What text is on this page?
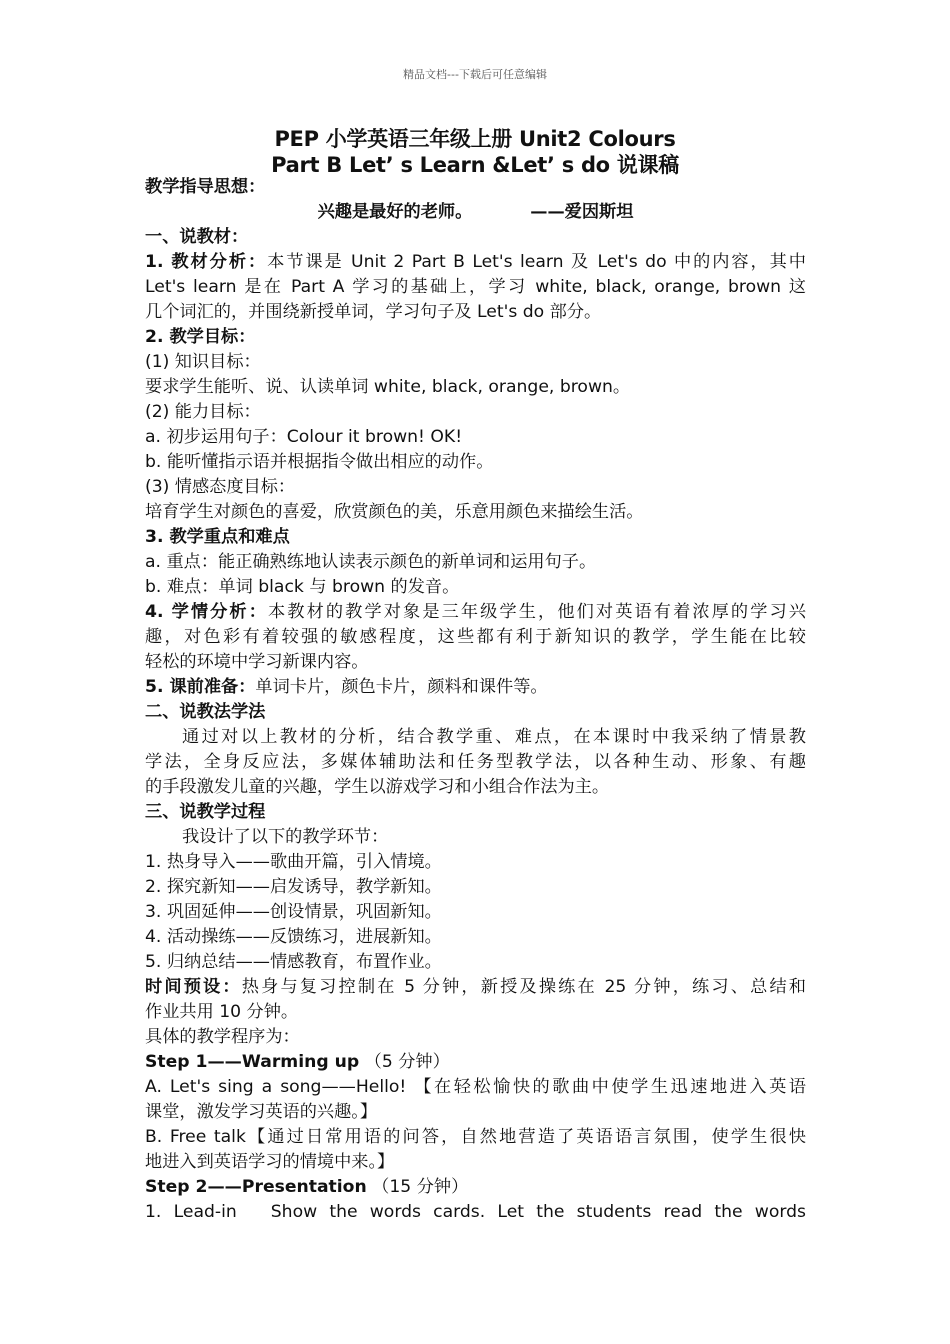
精品文档---下载后可任意编辑
PEP 小学英语三年级上册 Unit2 Colours
Part B Let’ s Learn &Let’ s do 说课稿
教学指导思想：
兴趣是最好的老师。	——爱因斯坦
一、说教材：
1. 教材分析：本节课是 Unit 2 Part B Let's learn 及 Let's do 中的内容，其中
Let's learn 是在 Part A 学习的基础上，学习 white, black, orange, brown 这
几个词汇的，并围绕新授单词，学习句子及 Let's do 部分。
2. 教学目标：
(1) 知识目标：
要求学生能听、说、认读单词 white, black, orange, brown。
(2) 能力目标：
a. 初步运用句子：Colour it brown! OK!
b. 能听懂指示语并根据指令做出相应的动作。
(3) 情感态度目标：
培育学生对颜色的喜爱，欣赏颜色的美，乐意用颜色来描绘生活。
3. 教学重点和难点
a. 重点：能正确熟练地认读表示颜色的新单词和运用句子。
b. 难点：单词 black 与 brown 的发音。
4. 学情分析：本教材的教学对象是三年级学生，他们对英语有着浓厚的学习兴
趣，对色彩有着较强的敏感程度，这些都有利于新知识的教学，学生能在比较
轻松的环境中学习新课内容。
5. 课前准备：单词卡片，颜色卡片，颜料和课件等。
二、说教法学法
通过对以上教材的分析，结合教学重、难点，在本课时中我采纳了情景教
学法，全身反应法，多媒体辅助法和任务型教学法，以各种生动、形象、有趣
的手段激发儿童的兴趣，学生以游戏学习和小组合作法为主。
三、说教学过程
我设计了以下的教学环节：
1. 热身导入——歌曲开篇，引入情境。
2. 探究新知——启发诱导，教学新知。
3. 巩固延伸——创设情景，巩固新知。
4. 活动操练——反馈练习，进展新知。
5. 归纳总结——情感教育，布置作业。
时间预设：热身与复习控制在 5 分钟，新授及操练在 25 分钟，练习、总结和
作业共用 10 分钟。
具体的教学程序为：
Step 1——Warming up （5 分钟）
A. Let's sing a song——Hello! 【在轻松愉快的歌曲中使学生迅速地进入英语
课堂，激发学习英语的兴趣。】
B. Free talk【通过日常用语的问答，自然地营造了英语语言氛围，使学生很快
地进入到英语学习的情境中来。】
Step 2——Presentation （15 分钟）
1. Lead-in Show the words cards. Let the students read the words
